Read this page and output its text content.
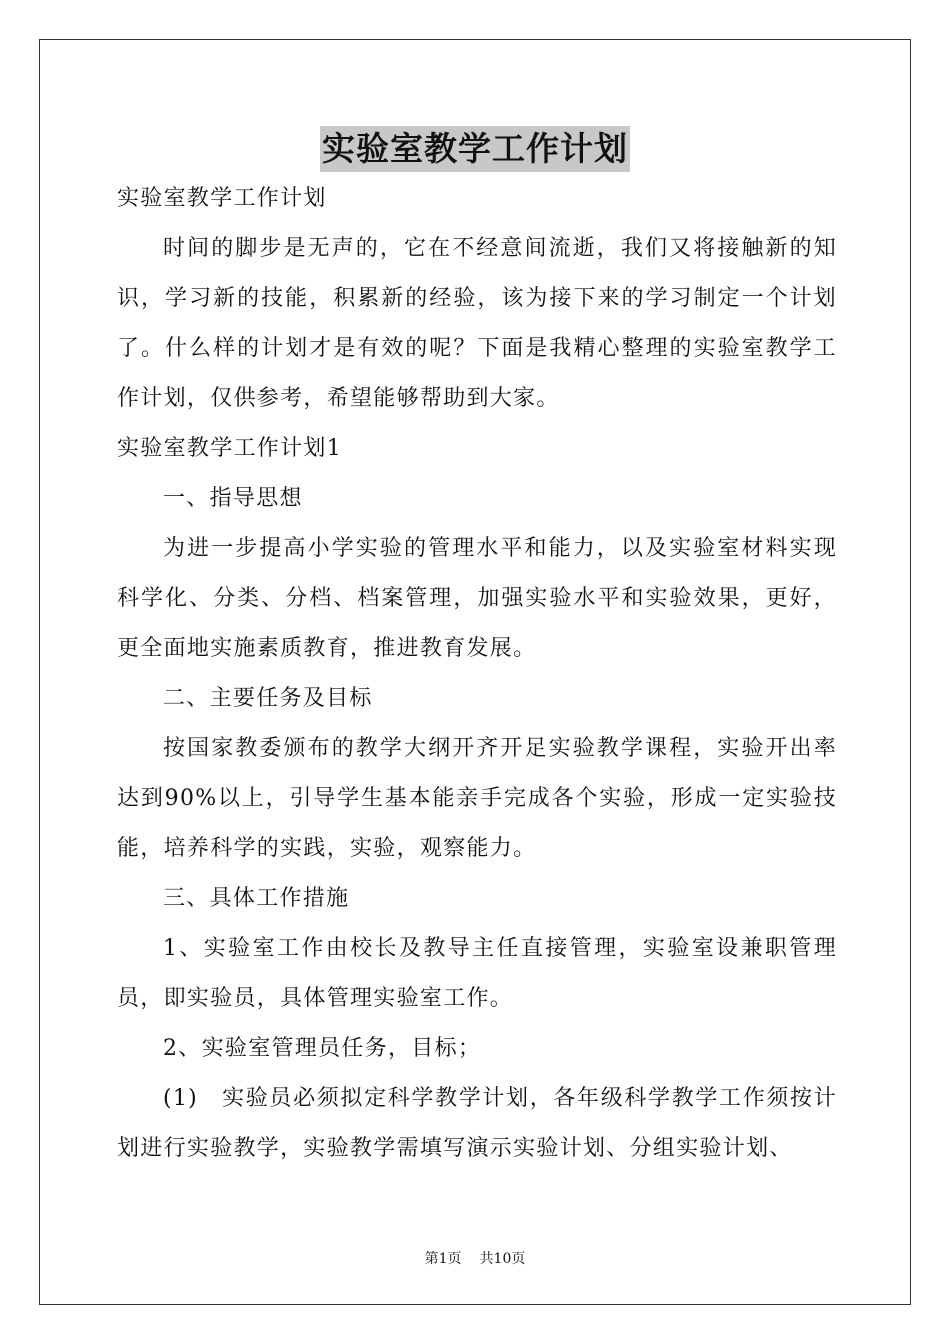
实验室教学工作计划

实验室教学工作计划

时间的脚步是无声的，它在不经意间流逝，我们又将接触新的知识，学习新的技能，积累新的经验，该为接下来的学习制定一个计划了。什么样的计划才是有效的呢？下面是我精心整理的实验室教学工作计划，仅供参考，希望能够帮助到大家。

实验室教学工作计划1

一、指导思想

为进一步提高小学实验的管理水平和能力，以及实验室材料实现科学化、分类、分档、档案管理，加强实验水平和实验效果，更好，更全面地实施素质教育，推进教育发展。

二、主要任务及目标

按国家教委颁布的教学大纲开齐开足实验教学课程，实验开出率达到90%以上，引导学生基本能亲手完成各个实验，形成一定实验技能，培养科学的实践，实验，观察能力。

三、具体工作措施

1、实验室工作由校长及教导主任直接管理，实验室设兼职管理员，即实验员，具体管理实验室工作。

2、实验室管理员任务，目标；

(1)　实验员必须拟定科学教学计划，各年级科学教学工作须按计划进行实验教学，实验教学需填写演示实验计划、分组实验计划、

第1页 共10页
